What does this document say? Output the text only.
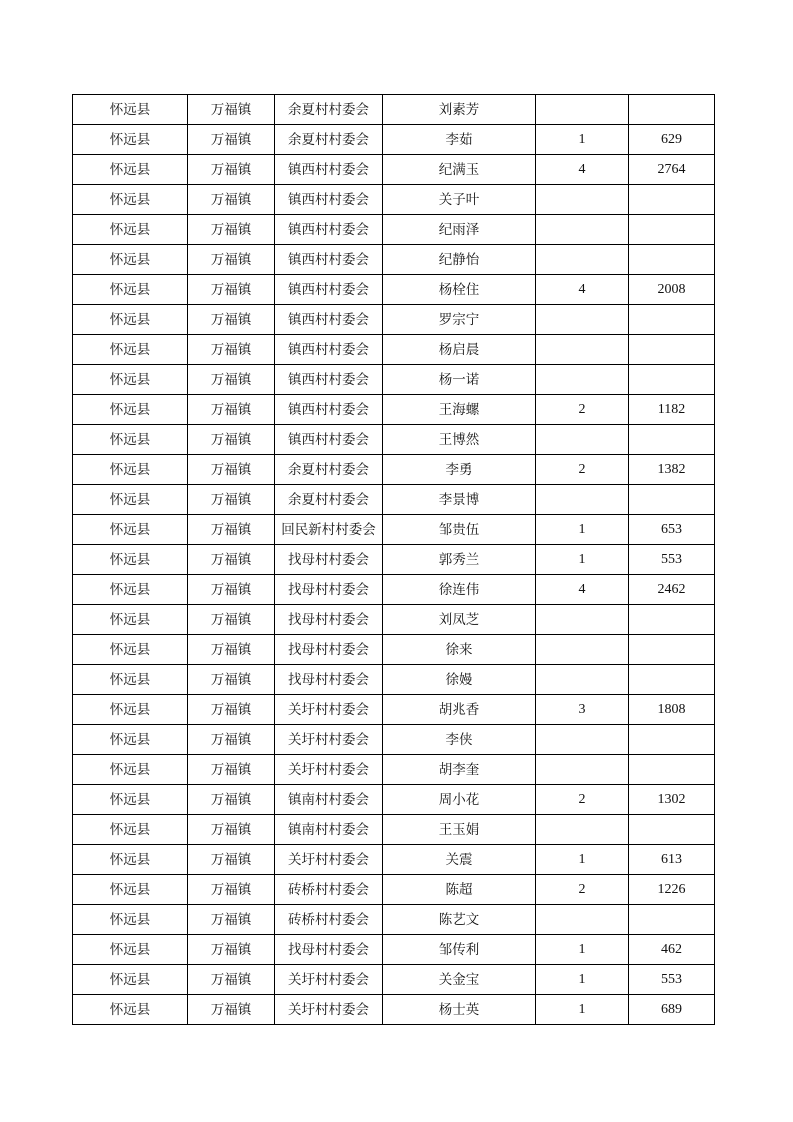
怀远县	万福镇	余夏村村委会	刘素芳		
怀远县	万福镇	余夏村村委会	李茹	1	629
怀远县	万福镇	镇西村村委会	纪满玉	4	2764
怀远县	万福镇	镇西村村委会	关子叶		
怀远县	万福镇	镇西村村委会	纪雨泽		
怀远县	万福镇	镇西村村委会	纪静怡		
怀远县	万福镇	镇西村村委会	杨栓住	4	2008
怀远县	万福镇	镇西村村委会	罗宗宁		
怀远县	万福镇	镇西村村委会	杨启晨		
怀远县	万福镇	镇西村村委会	杨一诺		
怀远县	万福镇	镇西村村委会	王海螺	2	1182
怀远县	万福镇	镇西村村委会	王博然		
怀远县	万福镇	余夏村村委会	李勇	2	1382
怀远县	万福镇	余夏村村委会	李景博		
怀远县	万福镇	回民新村村委会	邹贵伍	1	653
怀远县	万福镇	找母村村委会	郭秀兰	1	553
怀远县	万福镇	找母村村委会	徐连伟	4	2462
怀远县	万福镇	找母村村委会	刘凤芝		
怀远县	万福镇	找母村村委会	徐来		
怀远县	万福镇	找母村村委会	徐嫚		
怀远县	万福镇	关圩村村委会	胡兆香	3	1808
怀远县	万福镇	关圩村村委会	李侠		
怀远县	万福镇	关圩村村委会	胡李奎		
怀远县	万福镇	镇南村村委会	周小花	2	1302
怀远县	万福镇	镇南村村委会	王玉娟		
怀远县	万福镇	关圩村村委会	关震	1	613
怀远县	万福镇	砖桥村村委会	陈超	2	1226
怀远县	万福镇	砖桥村村委会	陈艺文		
怀远县	万福镇	找母村村委会	邹传利	1	462
怀远县	万福镇	关圩村村委会	关金宝	1	553
怀远县	万福镇	关圩村村委会	杨士英	1	689
